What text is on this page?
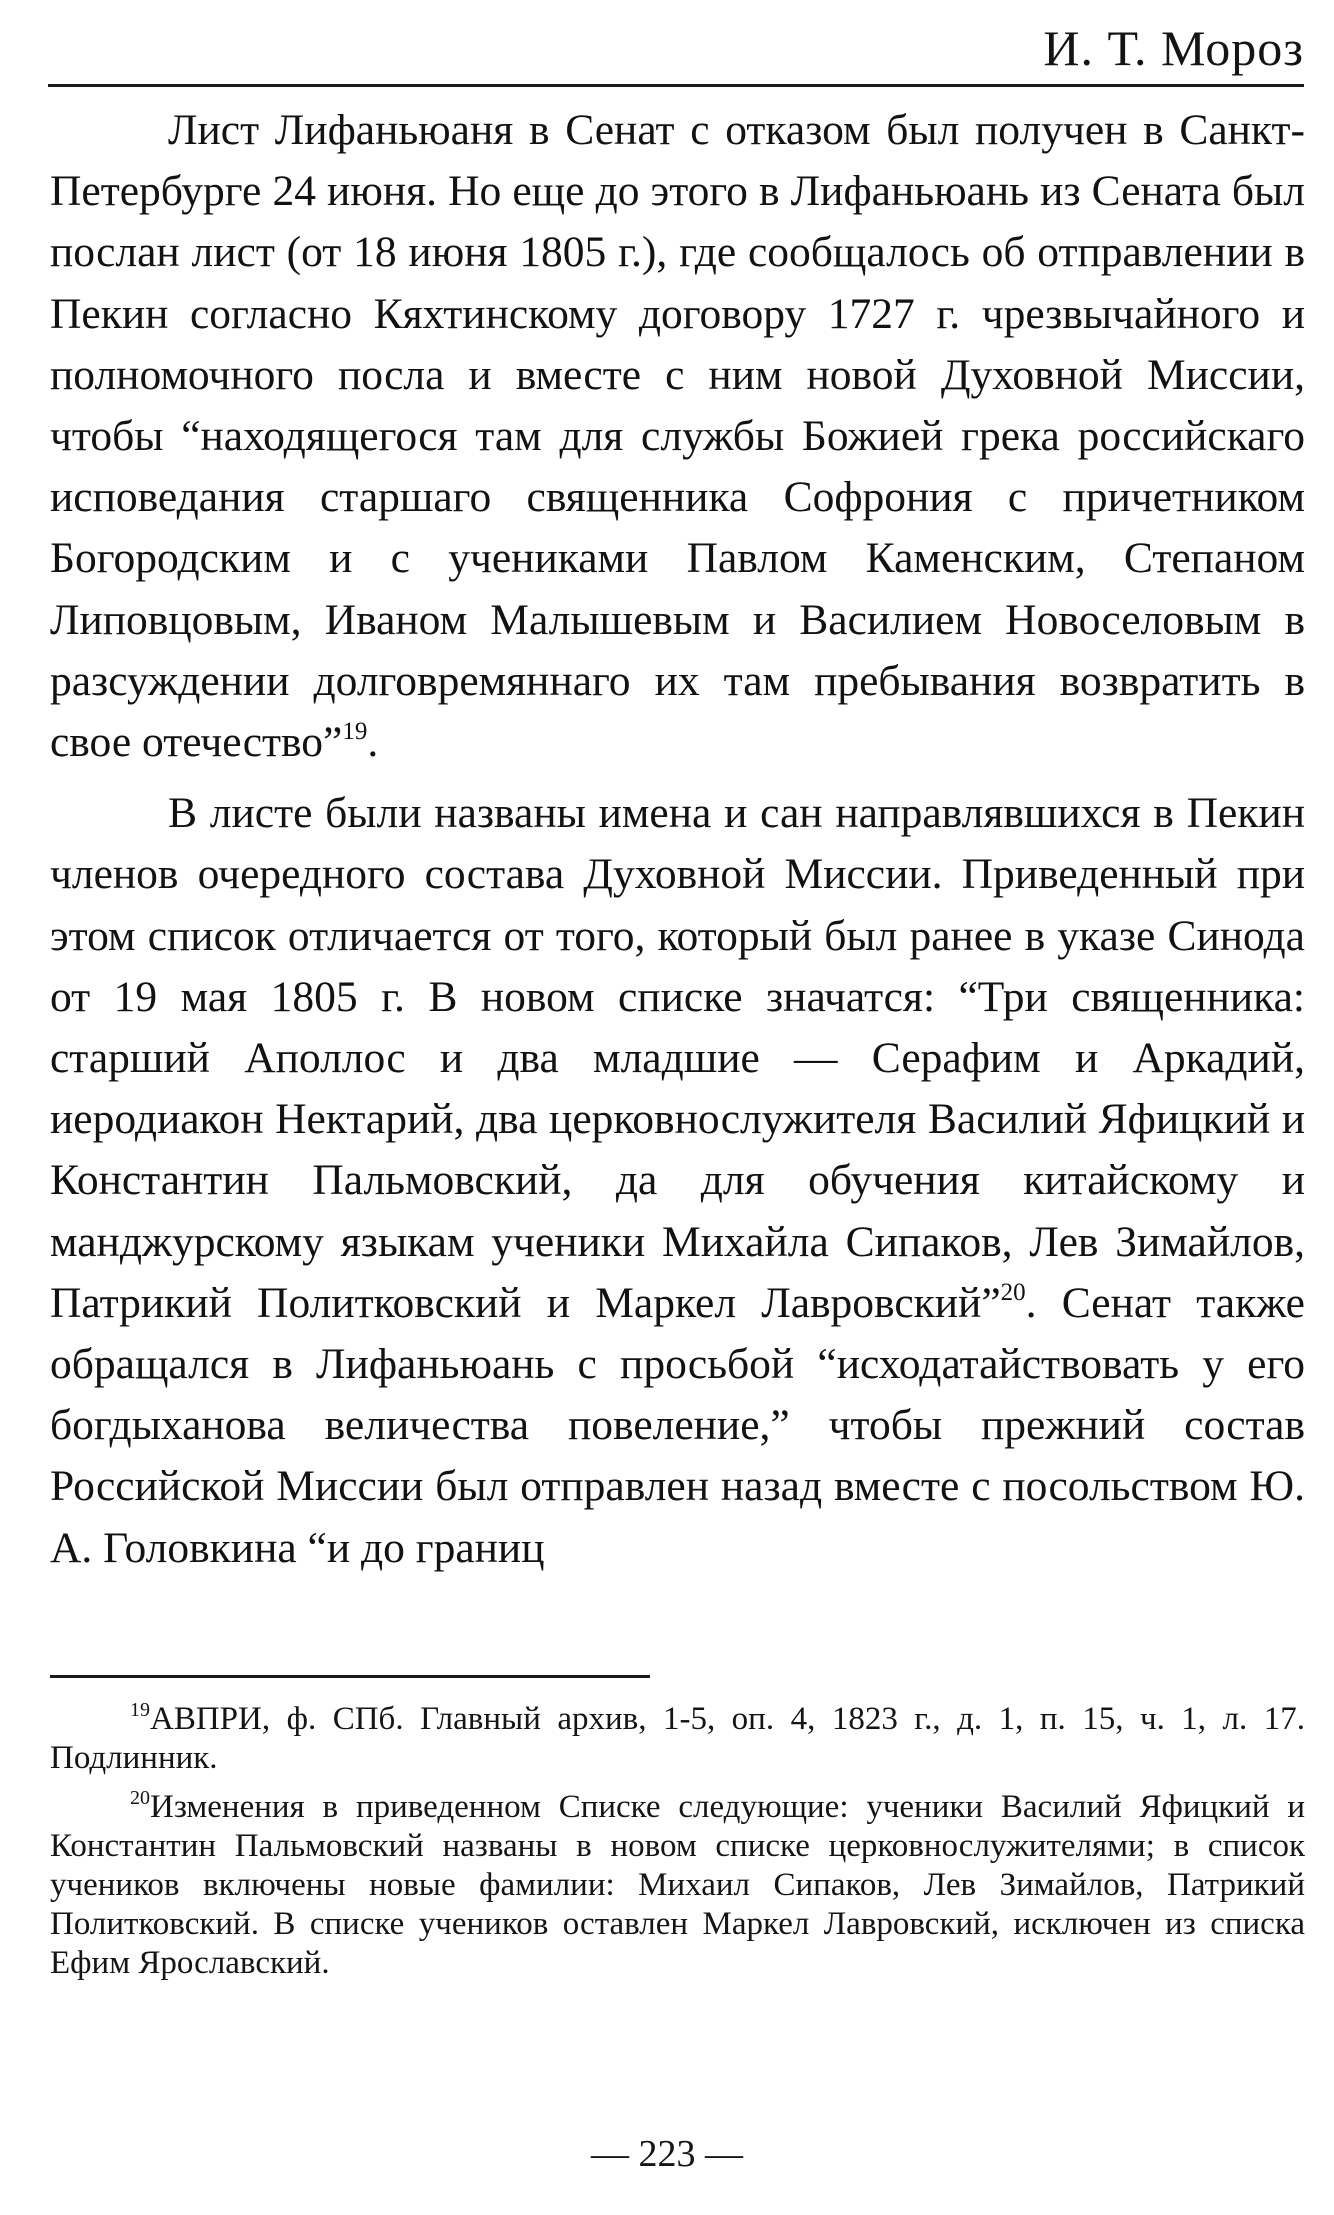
И. Т. Мороз

Лист Лифаньюаня в Сенат с отказом был получен в Санкт-Петербурге 24 июня. Но еще до этого в Лифаньюань из Сената был послан лист (от 18 июня 1805 г.), где сообщалось об отправлении в Пекин согласно Кяхтинскому договору 1727 г. чрезвычайного и полномочного посла и вместе с ним новой Духовной Миссии, чтобы “находящегося там для службы Божией грека российскаго исповедания старшаго священника Софрония с причетником Богородским и с учениками Павлом Каменским, Степаном Липовцовым, Иваном Малышевым и Василием Новоселовым в разсуждении долговремяннаго их там пребывания возвратить в свое отечество”$^{19}$.

В листе были названы имена и сан направлявшихся в Пекин членов очередного состава Духовной Миссии. Приведенный при этом список отличается от того, который был ранее в указе Синода от 19 мая 1805 г. В новом списке значатся: “Три священника: старший Аполлос и два младшие — Серафим и Аркадий, иеродиакон Нектарий, два церковнослужителя Василий Яфицкий и Константин Пальмовский, да для обучения китайскому и манджурскому языкам ученики Михайла Сипаков, Лев Зимайлов, Патрикий Политковский и Маркел Лавровский”$^{20}$. Сенат также обращался в Лифаньюань с просьбой “исходатайствовать у его богдыханова величества повеление,” чтобы прежний состав Российской Миссии был отправлен назад вместе с посольством Ю. А. Головкина “и до границ

$^{19}$АВПРИ, ф. СПб. Главный архив, 1-5, оп. 4, 1823 г., д. 1, п. 15, ч. 1, л. 17. Подлинник.

$^{20}$Изменения в приведенном Списке следующие: ученики Василий Яфицкий и Константин Пальмовский названы в новом списке церковнослужителями; в список учеников включены новые фамилии: Михаил Сипаков, Лев Зимайлов, Патрикий Политковский. В списке учеников оставлен Маркел Лавровский, исключен из списка Ефим Ярославский.

— 223 —
